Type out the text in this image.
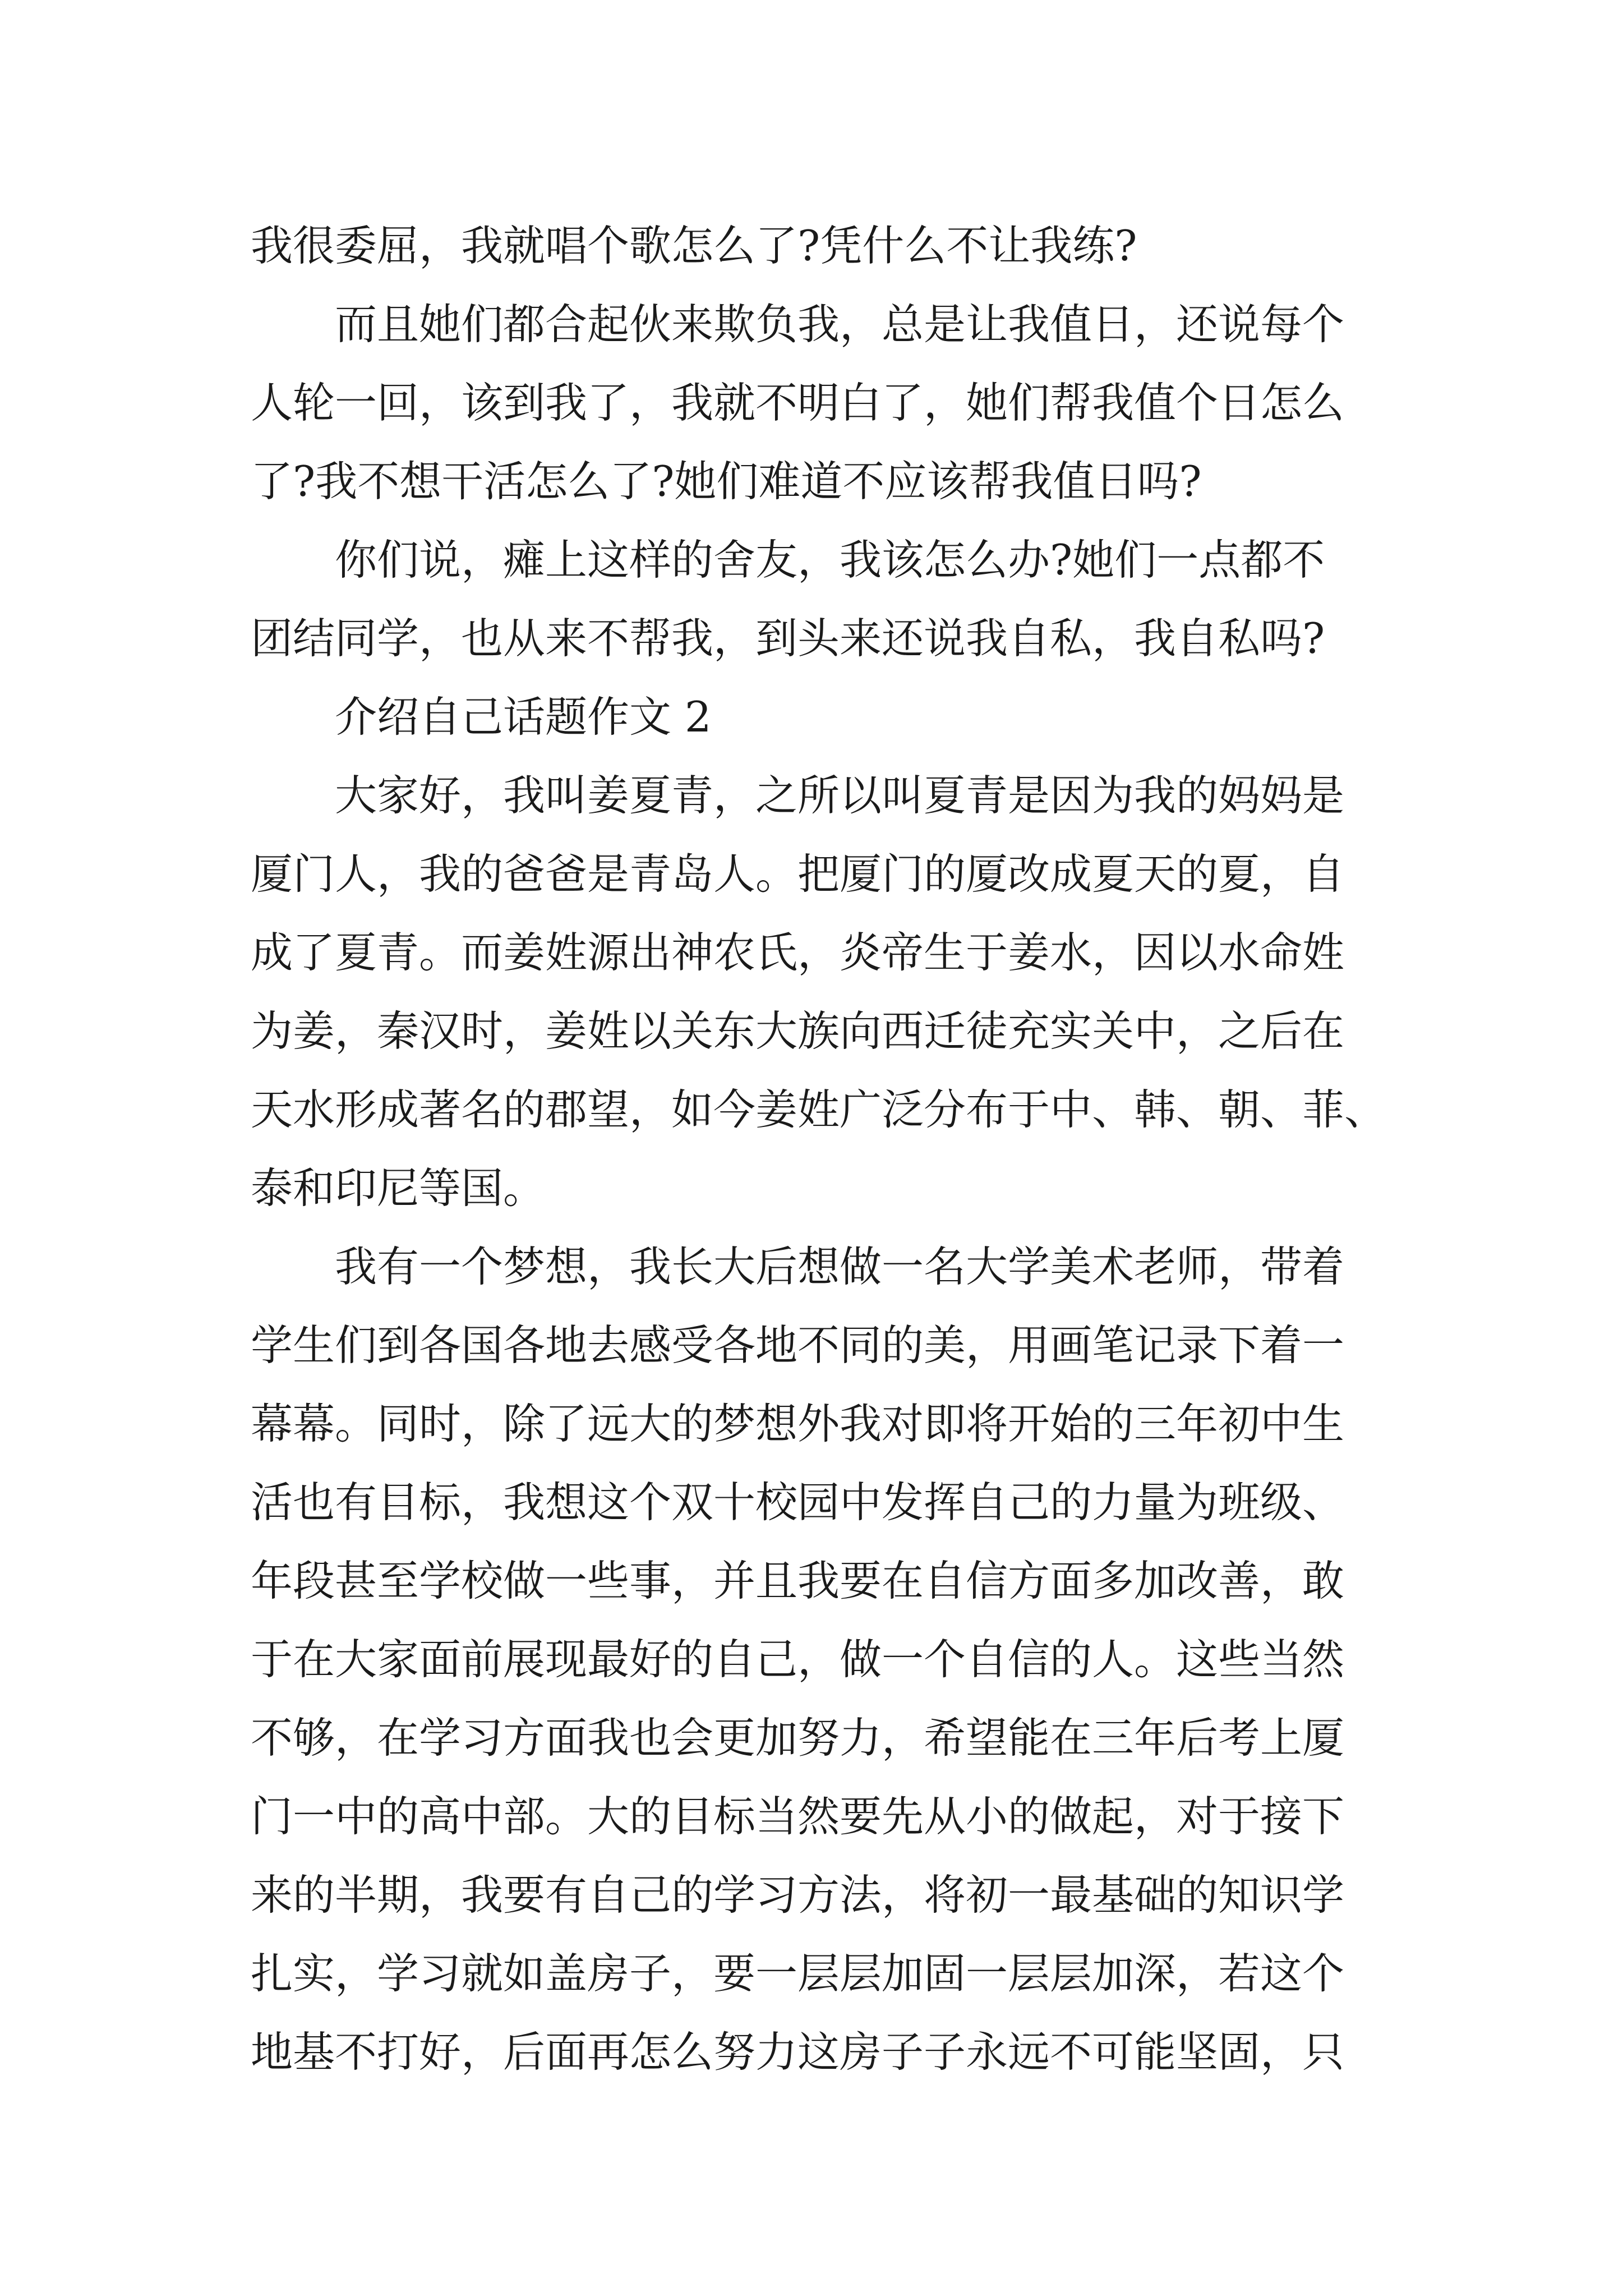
我很委屈，我就唱个歌怎么了?凭什么不让我练?
而且她们都合起伙来欺负我，总是让我值日，还说每个
人轮一回，该到我了，我就不明白了，她们帮我值个日怎么
了?我不想干活怎么了?她们难道不应该帮我值日吗?
你们说，瘫上这样的舍友，我该怎么办?她们一点都不
团结同学，也从来不帮我，到头来还说我自私，我自私吗?
介绍自己话题作文 2
大家好，我叫姜夏青，之所以叫夏青是因为我的妈妈是
厦门人，我的爸爸是青岛人。把厦门的厦改成夏天的夏，自
成了夏青。而姜姓源出神农氏，炎帝生于姜水，因以水命姓
为姜，秦汉时，姜姓以关东大族向西迁徒充实关中，之后在
天水形成著名的郡望，如今姜姓广泛分布于中、韩、朝、菲、
泰和印尼等国。
我有一个梦想，我长大后想做一名大学美术老师，带着
学生们到各国各地去感受各地不同的美，用画笔记录下着一
幕幕。同时，除了远大的梦想外我对即将开始的三年初中生
活也有目标，我想这个双十校园中发挥自己的力量为班级、
年段甚至学校做一些事，并且我要在自信方面多加改善，敢
于在大家面前展现最好的自己，做一个自信的人。这些当然
不够，在学习方面我也会更加努力，希望能在三年后考上厦
门一中的高中部。大的目标当然要先从小的做起，对于接下
来的半期，我要有自己的学习方法，将初一最基础的知识学
扎实，学习就如盖房子，要一层层加固一层层加深，若这个
地基不打好，后面再怎么努力这房子子永远不可能坚固，只
